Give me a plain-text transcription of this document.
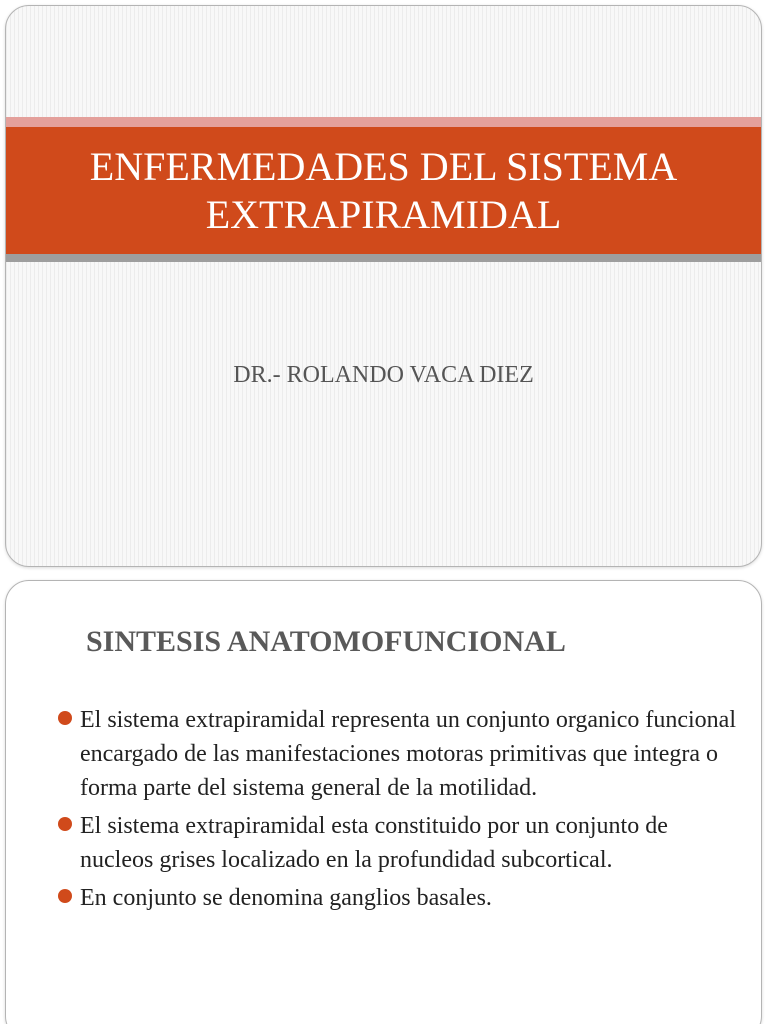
ENFERMEDADES DEL SISTEMA
EXTRAPIRAMIDAL

DR.- ROLANDO VACA DIEZ

SINTESIS ANATOMOFUNCIONAL
El sistema extrapiramidal representa un conjunto organico funcional encargado de las manifestaciones motoras primitivas que integra o forma parte del sistema general de la motilidad.
El sistema extrapiramidal esta constituido por un conjunto de nucleos grises localizado en la profundidad subcortical.
En conjunto se denomina ganglios basales.
